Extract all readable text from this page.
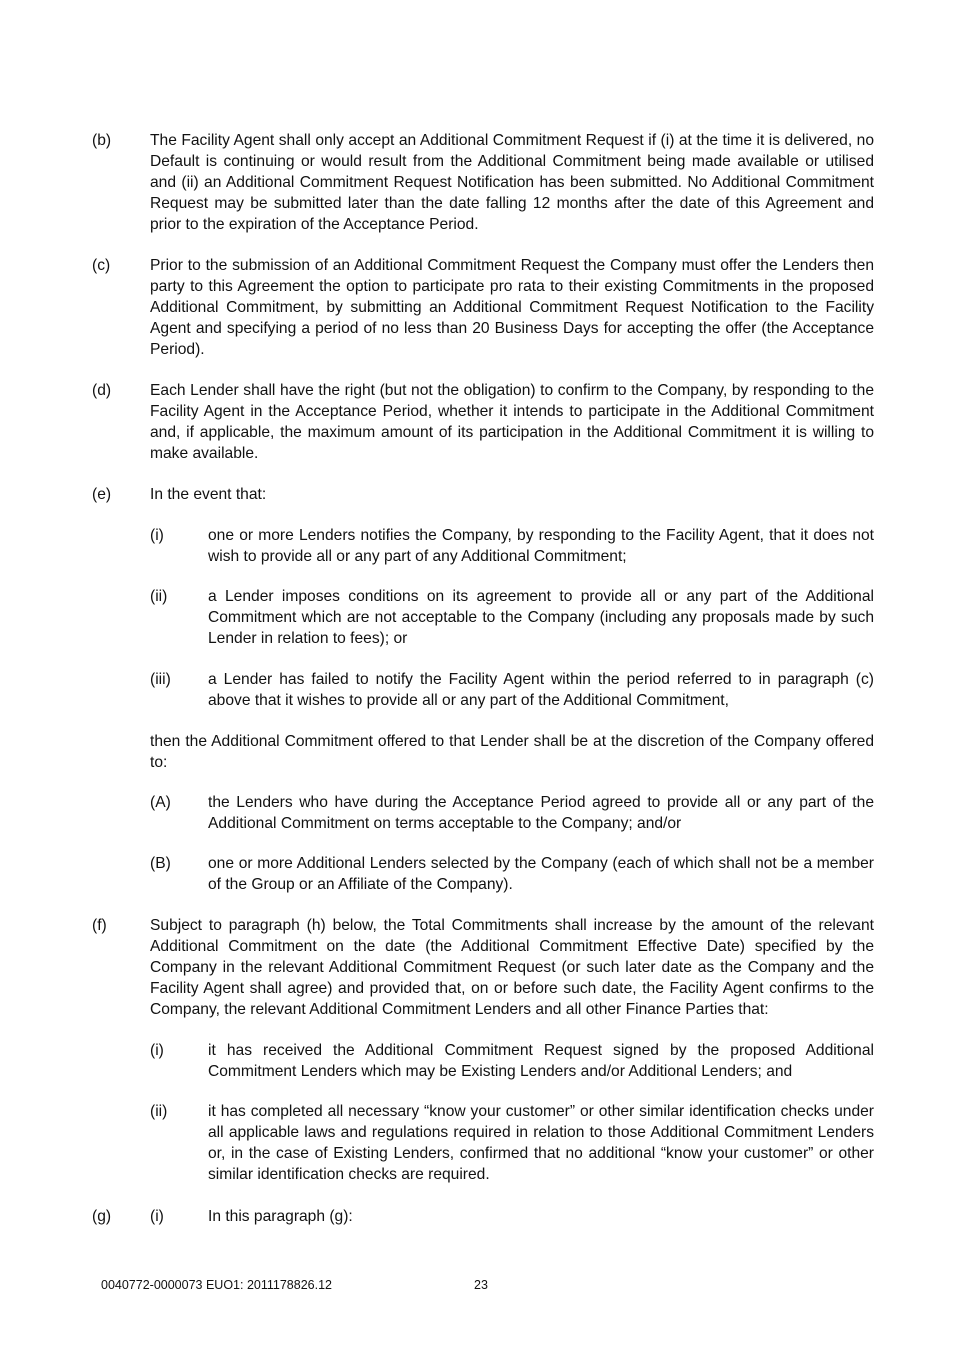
(b) The Facility Agent shall only accept an Additional Commitment Request if (i) at the time it is delivered, no Default is continuing or would result from the Additional Commitment being made available or utilised and (ii) an Additional Commitment Request Notification has been submitted. No Additional Commitment Request may be submitted later than the date falling 12 months after the date of this Agreement and prior to the expiration of the Acceptance Period.
(c)	Prior to the submission of an Additional Commitment Request the Company must offer the Lenders then party to this Agreement the option to participate pro rata to their existing Commitments in the proposed Additional Commitment, by submitting an Additional Commitment Request Notification to the Facility Agent and specifying a period of no less than 20 Business Days for accepting the offer (the Acceptance Period).
(d) Each Lender shall have the right (but not the obligation) to confirm to the Company, by responding to the Facility Agent in the Acceptance Period, whether it intends to participate in the Additional Commitment and, if applicable, the maximum amount of its participation in the Additional Commitment it is willing to make available.
(e) In the event that:
(i)	one or more Lenders notifies the Company, by responding to the Facility Agent, that it does not wish to provide all or any part of any Additional Commitment;
(ii)	a Lender imposes conditions on its agreement to provide all or any part of the Additional Commitment which are not acceptable to the Company (including any proposals made by such Lender in relation to fees); or
(iii) a Lender has failed to notify the Facility Agent within the period referred to in paragraph (c) above that it wishes to provide all or any part of the Additional Commitment,
then the Additional Commitment offered to that Lender shall be at the discretion of the Company offered to:
(A) the Lenders who have during the Acceptance Period agreed to provide all or any part of the Additional Commitment on terms acceptable to the Company; and/or
(B) one or more Additional Lenders selected by the Company (each of which shall not be a member of the Group or an Affiliate of the Company).
(f)	Subject to paragraph (h) below, the Total Commitments shall increase by the amount of the relevant Additional Commitment on the date (the Additional Commitment Effective Date) specified by the Company in the relevant Additional Commitment Request (or such later date as the Company and the Facility Agent shall agree) and provided that, on or before such date, the Facility Agent confirms to the Company, the relevant Additional Commitment Lenders and all other Finance Parties that:
(i)	it has received the Additional Commitment Request signed by the proposed Additional Commitment Lenders which may be Existing Lenders and/or Additional Lenders; and
(ii)	it has completed all necessary “know your customer” or other similar identification checks under all applicable laws and regulations required in relation to those Additional Commitment Lenders or, in the case of Existing Lenders, confirmed that no additional “know your customer” or other similar identification checks are required.
(g) (i)	In this paragraph (g):
0040772-0000073 EUO1: 2011178826.12	23
